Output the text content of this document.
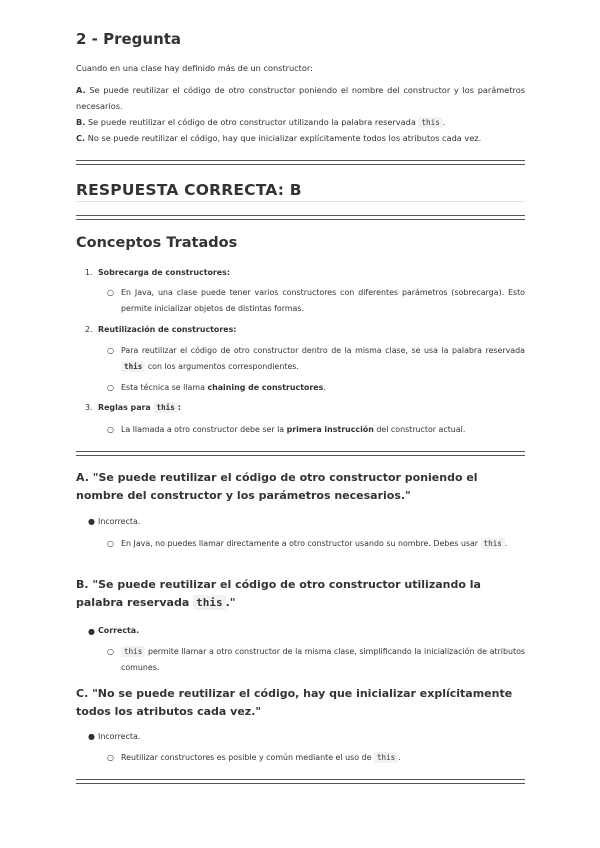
2 - Pregunta

Cuando en una clase hay definido más de un constructor:

A. Se puede reutilizar el código de otro constructor poniendo el nombre del constructor y los parámetros necesarios.

B. Se puede reutilizar el código de otro constructor utilizando la palabra reservada this .

C. No se puede reutilizar el código, hay que inicializar explícitamente todos los atributos cada vez.

RESPUESTA CORRECTA: B
Conceptos Tratados
1. Sobrecarga de constructores:

○ En Java, una clase puede tener varios constructores con diferentes parámetros (sobrecarga). Esto permite inicializar objetos de distintas formas.

2. Reutilización de constructores:

○ Para reutilizar el código de otro constructor dentro de la misma clase, se usa la palabra reservada this con los argumentos correspondientes.

○ Esta técnica se llama chaining de constructores.

3. Reglas para this :

○ La llamada a otro constructor debe ser la primera instrucción del constructor actual.

A. "Se puede reutilizar el código de otro constructor poniendo el nombre del constructor y los parámetros necesarios."

● Incorrecta.

○ En Java, no puedes llamar directamente a otro constructor usando su nombre. Debes usar this .

B. "Se puede reutilizar el código de otro constructor utilizando la palabra reservada this ."

● Correcta.

○	this permite llamar a otro constructor de la misma clase, simplificando la inicialización de atributos comunes.

C. "No se puede reutilizar el código, hay que inicializar explícitamente todos los atributos cada vez."

● Incorrecta.

○ Reutilizar constructores es posible y común mediante el uso de this .
